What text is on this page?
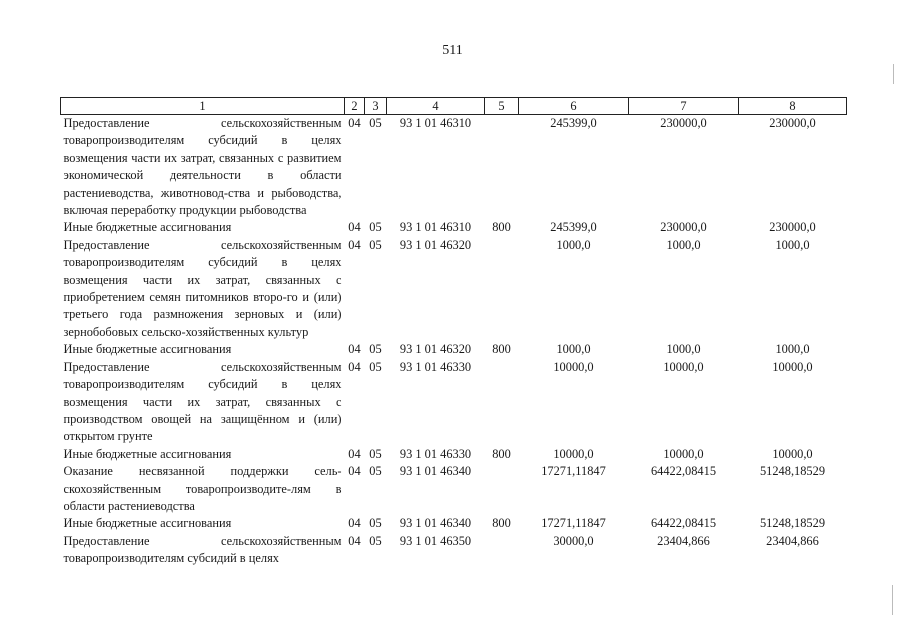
511
1	2	3	4	5	6	7	8
Предоставление сельскохозяйственным товаропроизводителям субсидий в целях возмещения части их затрат, связанных с развитием экономической деятельности в области растениеводства, животновод-ства и рыбоводства, включая переработку продукции рыбоводства	04	05	93 1 01 46310		245399,0	230000,0	230000,0
Иные бюджетные ассигнования	04	05	93 1 01 46310	800	245399,0	230000,0	230000,0
Предоставление сельскохозяйственным товаропроизводителям субсидий в целях возмещения части их затрат, связанных с приобретением семян питомников второ-го и (или) третьего года размножения зерновых и (или) зернобобовых сельско-хозяйственных культур	04	05	93 1 01 46320		1000,0	1000,0	1000,0
Иные бюджетные ассигнования	04	05	93 1 01 46320	800	1000,0	1000,0	1000,0
Предоставление сельскохозяйственным товаропроизводителям субсидий в целях возмещения части их затрат, связанных с производством овощей на защищённом и (или) открытом грунте	04	05	93 1 01 46330		10000,0	10000,0	10000,0
Иные бюджетные ассигнования	04	05	93 1 01 46330	800	10000,0	10000,0	10000,0
Оказание несвязанной поддержки сель-скохозяйственным товаропроизводите-лям в области растениеводства	04	05	93 1 01 46340		17271,11847	64422,08415	51248,18529
Иные бюджетные ассигнования	04	05	93 1 01 46340	800	17271,11847	64422,08415	51248,18529
Предоставление сельскохозяйственным товаропроизводителям субсидий в целях	04	05	93 1 01 46350		30000,0	23404,866	23404,866
